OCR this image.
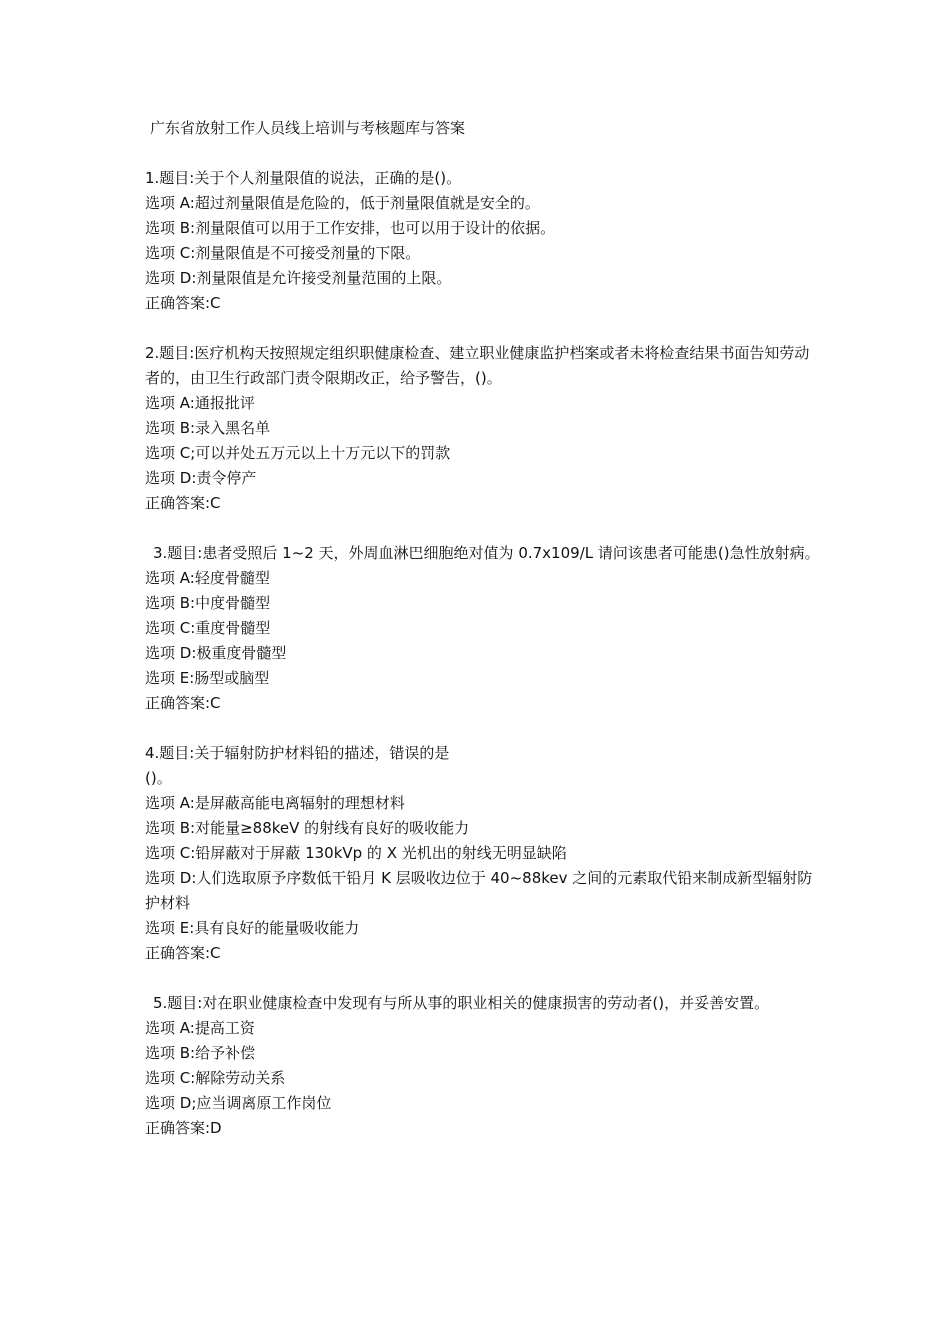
广东省放射工作人员线上培训与考核题库与答案

1.题目:关于个人剂量限值的说法，正确的是()。

选项 A:超过剂量限值是危险的，低于剂量限值就是安全的。

选项 B:剂量限值可以用于工作安排，也可以用于设计的依据。

选项 C:剂量限值是不可接受剂量的下限。

选项 D:剂量限值是允许接受剂量范围的上限。

正确答案:C

2.题目:医疗机构天按照规定组织职健康检查、建立职业健康监护档案或者未将检查结果书面告知劳动者的，由卫生行政部门责令限期改正，给予警告，()。

选项 A:通报批评

选项 B:录入黑名单

选项 C;可以并处五万元以上十万元以下的罚款

选项 D:责令停产

正确答案:C

3.题目:患者受照后 1~2 天，外周血淋巴细胞绝对值为 0.7x109/L 请问该患者可能患()急性放射病。

选项 A:轻度骨髓型

选项 B:中度骨髓型

选项 C:重度骨髓型

选项 D:极重度骨髓型

选项 E:肠型或脑型

正确答案:C

4.题目:关于辐射防护材料铅的描述，错误的是

()。

选项 A:是屏蔽高能电离辐射的理想材料

选项 B:对能量≥88keV 的射线有良好的吸收能力

选项 C:铅屏蔽对于屏蔽 130kVp 的 X 光机出的射线无明显缺陷

选项 D:人们选取原予序数低干铅月 K 层吸收边位于 40~88kev 之间的元素取代铅来制成新型辐射防护材料

选项 E:具有良好的能量吸收能力

正确答案:C

5.题目:对在职业健康检查中发现有与所从事的职业相关的健康损害的劳动者()，并妥善安置。

选项 A:提高工资

选项 B:给予补偿

选项 C:解除劳动关系

选项 D;应当调离原工作岗位

正确答案:D
